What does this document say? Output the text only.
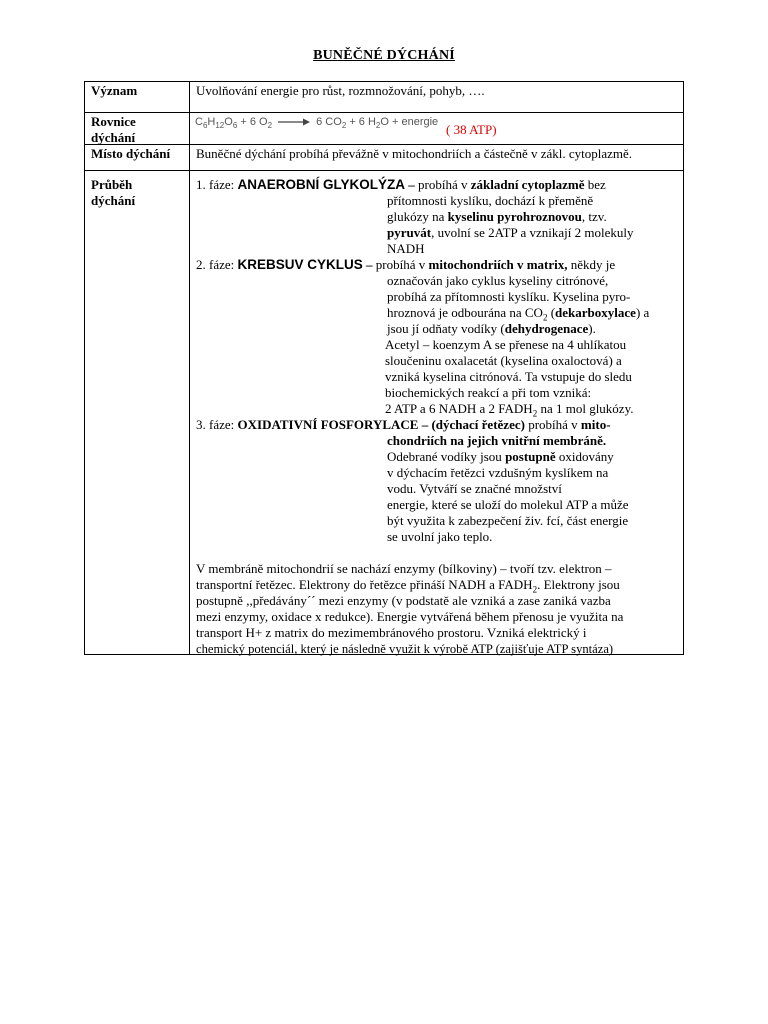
BUNĚČNÉ DÝCHÁNÍ
Význam	Uvolňování energie pro růst, rozmnožování, pohyb, ….
Rovnice
dýchání
$C_6H_{12}O_6 + 6$ $O_2 \to 6$ $CO_2 + 6$ $H_2O$ + energie ( 38 ATP)
Místo dýchání Buněčné dýchání probíhá převážně v mitochondriích a částečně v zákl. cytoplazmě.
Průběh
dýchání
1. fáze: ANAEROBNÍ GLYKOLÝZA – probíhá v základní cytoplazmě bez
přítomnosti kyslíku, dochází k přeměně
glukózy na kyselinu pyrohroznovou, tzv.
pyruvát, uvolní se 2ATP a vznikají 2 molekuly
NADH
2. fáze: KREBSUV CYKLUS – probíhá v mitochondriích v matrix, někdy je
označován jako cyklus kyseliny citrónové,
probíhá za přítomnosti kyslíku. Kyselina pyro-
hroznová je odbourána na $CO_2$ (dekarboxylace) a
jsou jí odňaty vodíky (dehydrogenace).
Acetyl – koenzym A se přenese na 4 uhlíkatou
sloučeninu oxalacetát (kyselina oxaloctová) a
vzniká kyselina citrónová. Ta vstupuje do sledu
biochemických reakcí a při tom vzniká:
2 ATP a 6 NADH a 2 $FADH_2$ na 1 mol glukózy.
3. fáze: OXIDATIVNÍ FOSFORYLACE – (dýchací řetězec) probíhá v mito-
chondriích na jejich vnitřní membráně.
Odebrané vodíky jsou postupně oxidovány
v dýchacím řetězci vzdušným kyslíkem na
vodu. Vytváří se značné množství
energie, které se uloží do molekul ATP a může
být využita k zabezpečení živ. fcí, část energie
se uvolní jako teplo.
V membráně mitochondrií se nachází enzymy (bílkoviny) – tvoří tzv. elektron –
transportní řetězec. Elektrony do řetězce přináší NADH a $FADH_2$. Elektrony jsou
postupně ,,předávány´´ mezi enzymy (v podstatě ale vzniká a zase zaniká vazba
mezi enzymy, oxidace x redukce). Energie vytvářená během přenosu je využita na
transport H+ z matrix do mezimembránového prostoru. Vzniká elektrický i
chemický potenciál, který je následně využit k výrobě ATP (zajišťuje ATP syntáza)
